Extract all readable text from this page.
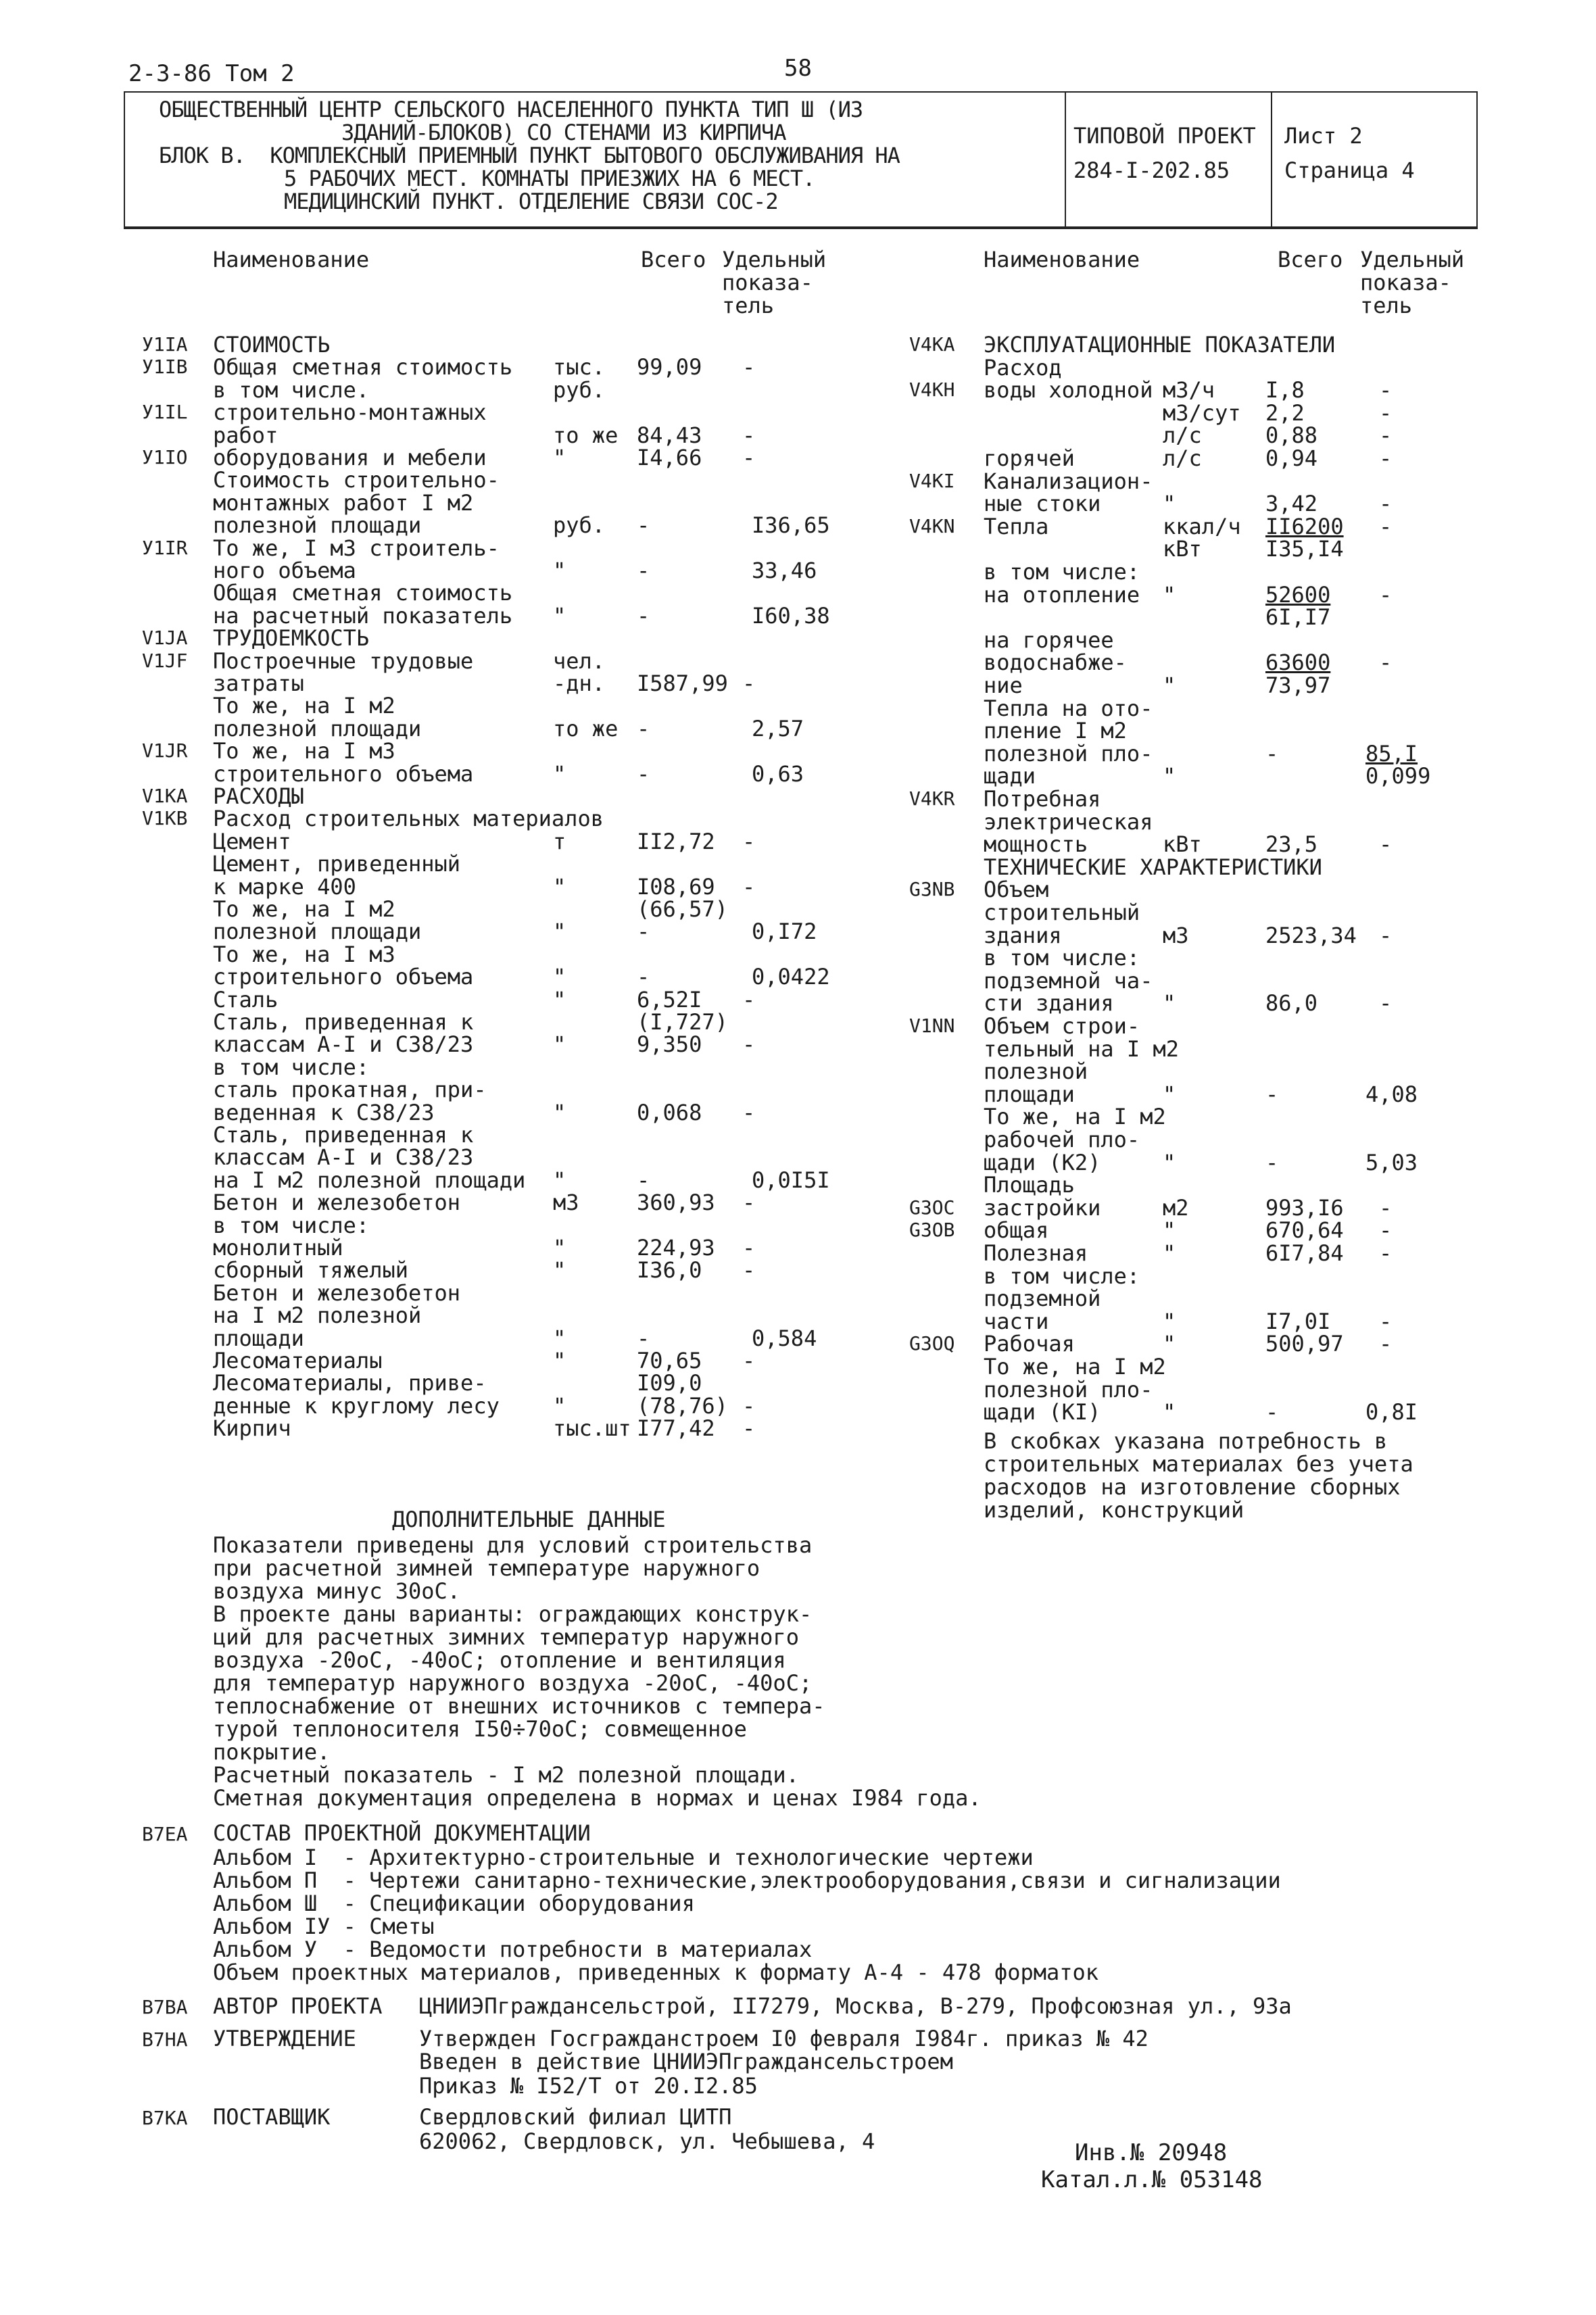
2-3-86 Том 2	58
ОБЩЕСТВЕННЫЙ ЦЕНТР СЕЛЬСКОГО НАСЕЛЕННОГО ПУНКТА ТИП Ш (ИЗ
ЗДАНИЙ-БЛОКОВ) СО СТЕНАМИ ИЗ КИРПИЧА
БЛОК В.  КОМПЛЕКСНЫЙ ПРИЕМНЫЙ ПУНКТ БЫТОВОГО ОБСЛУЖИВАНИЯ НА
5 РАБОЧИХ МЕСТ. КОМНАТЫ ПРИЕЗЖИХ НА 6 МЕСТ.
МЕДИЦИНСКИЙ ПУНКТ. ОТДЕЛЕНИЕ СВЯЗИ СОС-2
ТИПОВОЙ ПРОЕКТ
284-I-202.85
Лист 2
Страница 4
Наименование	Всего Удельный
показа-
тель
Наименование	Всего Удельный
показа-
тель
У1IA СТОИМОСТЬ
У1IB Общая сметная стоимость тыс. 99,09 -
в том числе.	руб.
У1IL строительно-монтажных
работ	то же 84,43 -
У1IO оборудования и мебели	"	I4,66 -
Стоимость строительно-
монтажных работ I м2
полезной площади	руб. -	I36,65
У1IR То же, I м3 строитель-
ного объема	"	-	33,46
Общая сметная стоимость
на расчетный показатель "	-	I60,38
V1JA ТРУДОЕМКОСТЬ
V1JF Построечные трудовые	чел.
затраты	-дн. I587,99 -
То же, на I м2
полезной площади	то же -	2,57
V1JR То же, на I м3
строительного объема	"	-	0,63
V1KA РАСХОДЫ
V1KB Расход строительных материалов
Цемент	т	II2,72 -
Цемент, приведенный
к марке 400	"	I08,69 -
То же, на I м2	(66,57)
полезной площади	"	-	0,I72
То же, на I м3
строительного объема	"	-	0,0422
Сталь	"	6,52I -
Сталь, приведенная к	(I,727)
классам А-I и С38/23	"	9,350 -
в том числе:
сталь прокатная, при-
веденная к С38/23	"	0,068 -
Сталь, приведенная к
классам А-I и С38/23
на I м2 полезной площади "	-	0,0I5I
Бетон и железобетон	м3	360,93 -
в том числе:
монолитный	"	224,93 -
сборный тяжелый	"	I36,0 -
Бетон и железобетон
на I м2 полезной
площади	"	-	0,584
Лесоматериалы	"	70,65 -
Лесоматериалы, приве-	I09,0
денные к круглому лесу "	(78,76) -
Кирпич	тыс.шт I77,42 -
ДОПОЛНИТЕЛЬНЫЕ ДАННЫЕ
Показатели приведены для условий строительства
при расчетной зимней температуре наружного
воздуха минус 30оС.
В проекте даны варианты: ограждающих конструк-
ций для расчетных зимних температур наружного
воздуха -20оС, -40оС; отопление и вентиляция
для температур наружного воздуха -20оС, -40оС;
теплоснабжение от внешних источников с темпера-
турой теплоносителя I50÷70оС; совмещенное
покрытие.
Расчетный показатель - I м2 полезной площади.
Сметная документация определена в нормах и ценах I984 года.
V4KA ЭКСПЛУАТАЦИОННЫЕ ПОКАЗАТЕЛИ
Расход
V4KH воды холодной м3/ч I,8	-
м3/сут 2,2	-
л/с	0,88	-
горячей	л/с	0,94	-
V4KI Канализацион-
ные стоки	"	3,42	-
V4KN Тепла	ккал/ч II6200 -
кВт	I35,I4
в том числе:
на отопление "	52600 -
6I,I7
на горячее
водоснабже-	63600 -
ние	"	73,97
Тепла на ото-
пление I м2
полезной пло-	-	85,I
щади	"	0,099
V4KR Потребная
электрическая
мощность	кВт	23,5	-
ТЕХНИЧЕСКИЕ ХАРАКТЕРИСТИКИ
G3NB Объем
строительный
здания	м3	2523,34 -
в том числе:
подземной ча-
сти здания "	86,0	-
V1NN Объем строи-
тельный на I м2
полезной
площади	"	-	4,08
То же, на I м2
рабочей пло-
щади (К2)	"	-	5,03
Площадь
G3OC застройки	м2	993,I6 -
G3OB общая	"	670,64 -
Полезная	"	6I7,84 -
в том числе:
подземной
части	"	I7,0I -
G3OQ Рабочая	"	500,97 -
То же, на I м2
полезной пло-
щади (КI)	"	-	0,8I
В скобках указана потребность в
строительных материалах без учета
расходов на изготовление сборных
изделий, конструкций
В7ЕА СОСТАВ ПРОЕКТНОЙ ДОКУМЕНТАЦИИ
Альбом I  - Архитектурно-строительные и технологические чертежи
Альбом П  - Чертежи санитарно-технические,электрооборудования,связи и сигнализации
Альбом Ш  - Спецификации оборудования
Альбом ІУ - Сметы
Альбом У  - Ведомости потребности в материалах
Объем проектных материалов, приведенных к формату А-4 - 478 форматок
В7ВА АВТОР ПРОЕКТА ЦНИИЭПграждансельстрой, II7279, Москва, В-279, Профсоюзная ул., 93а
В7НА УТВЕРЖДЕНИЕ	Утвержден Госгражданстроем I0 февраля I984г. приказ № 42
Введен в действие ЦНИИЭПграждансельстроем
Приказ № I52/Т от 20.I2.85
В7КА ПОСТАВЩИК	Свердловский филиал ЦИТП
620062, Свердловск, ул. Чебышева, 4	Инв.№ 20948
Катал.л.№ 053148
